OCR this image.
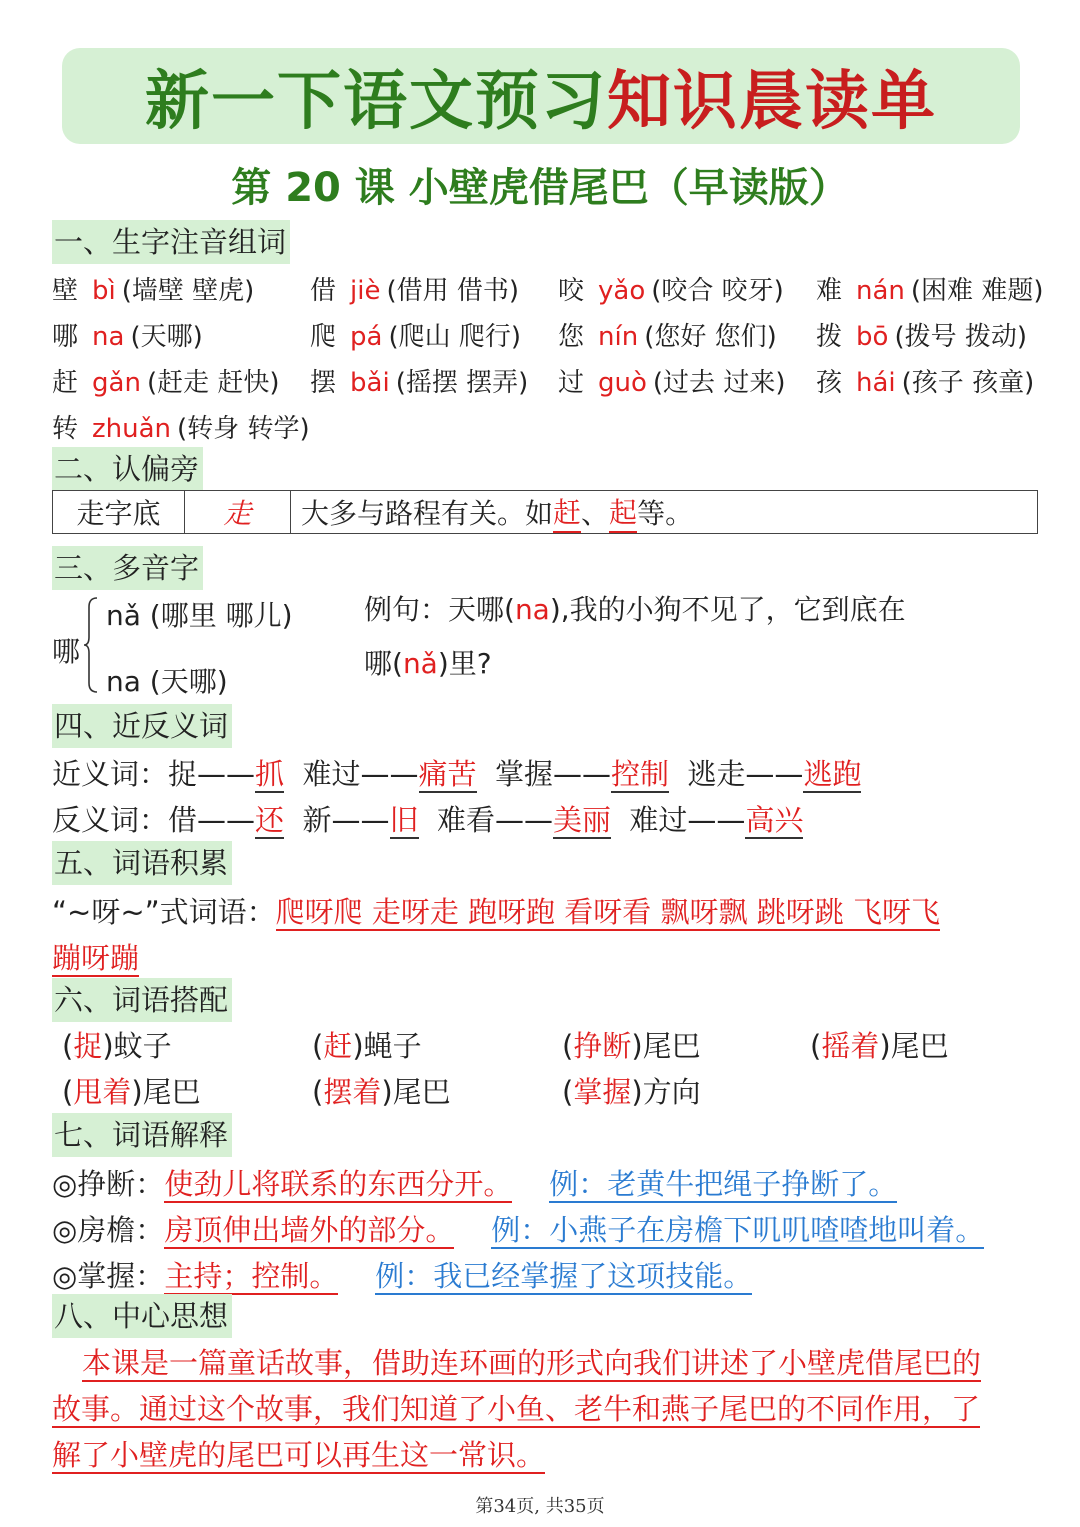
新一下语文预习 知识晨读单
第 20 课 小壁虎借尾巴（早读版）
一、生字注音组词
壁 bì (墙壁 壁虎) 借 jiè (借用 借书) 咬 yǎo (咬合 咬牙) 难 nán (困难 难题)
哪 na (天哪)	爬 pá (爬山 爬行) 您 nín (您好 您们) 拨 bō (拨号 拨动)
赶 gǎn (赶走 赶快) 摆 bǎi (摇摆 摆弄) 过 guò (过去 过来) 孩 hái (孩子 孩童)
转 zhuǎn (转身 转学)
二、认偏旁
走字底	走	大多与路程有关。如 赶 、 起 等。
三、多音字
哪
nǎ (哪里 哪儿)
na (天哪)
例句：天哪(na),我的小狗不见了，它到底在
哪(nǎ)里?
四、近反义词
近义词：捉——抓 难过——痛苦 掌握——控制 逃走——逃跑
反义词：借——还 新——旧 难看——美丽 难过——高兴
五、词语积累
“~呀~”式词语：爬呀爬 走呀走 跑呀跑 看呀看 飘呀飘 跳呀跳 飞呀飞
蹦呀蹦
六、词语搭配
(捉)蚊子	(赶)蝇子	(挣断)尾巴	(摇着)尾巴
(甩着)尾巴	(摆着)尾巴	(掌握)方向
七、词语解释
◎挣断：使劲儿将联系的东西分开。 例：老黄牛把绳子挣断了。
◎房檐：房顶伸出墙外的部分。 例：小燕子在房檐下叽叽喳喳地叫着。
◎掌握：主持；控制。 例：我已经掌握了这项技能。
八、中心思想
本课是一篇童话故事，借助连环画的形式向我们讲述了小壁虎借尾巴的
故事。通过这个故事，我们知道了小鱼、老牛和燕子尾巴的不同作用，了
解了小壁虎的尾巴可以再生这一常识。
第34页, 共35页
